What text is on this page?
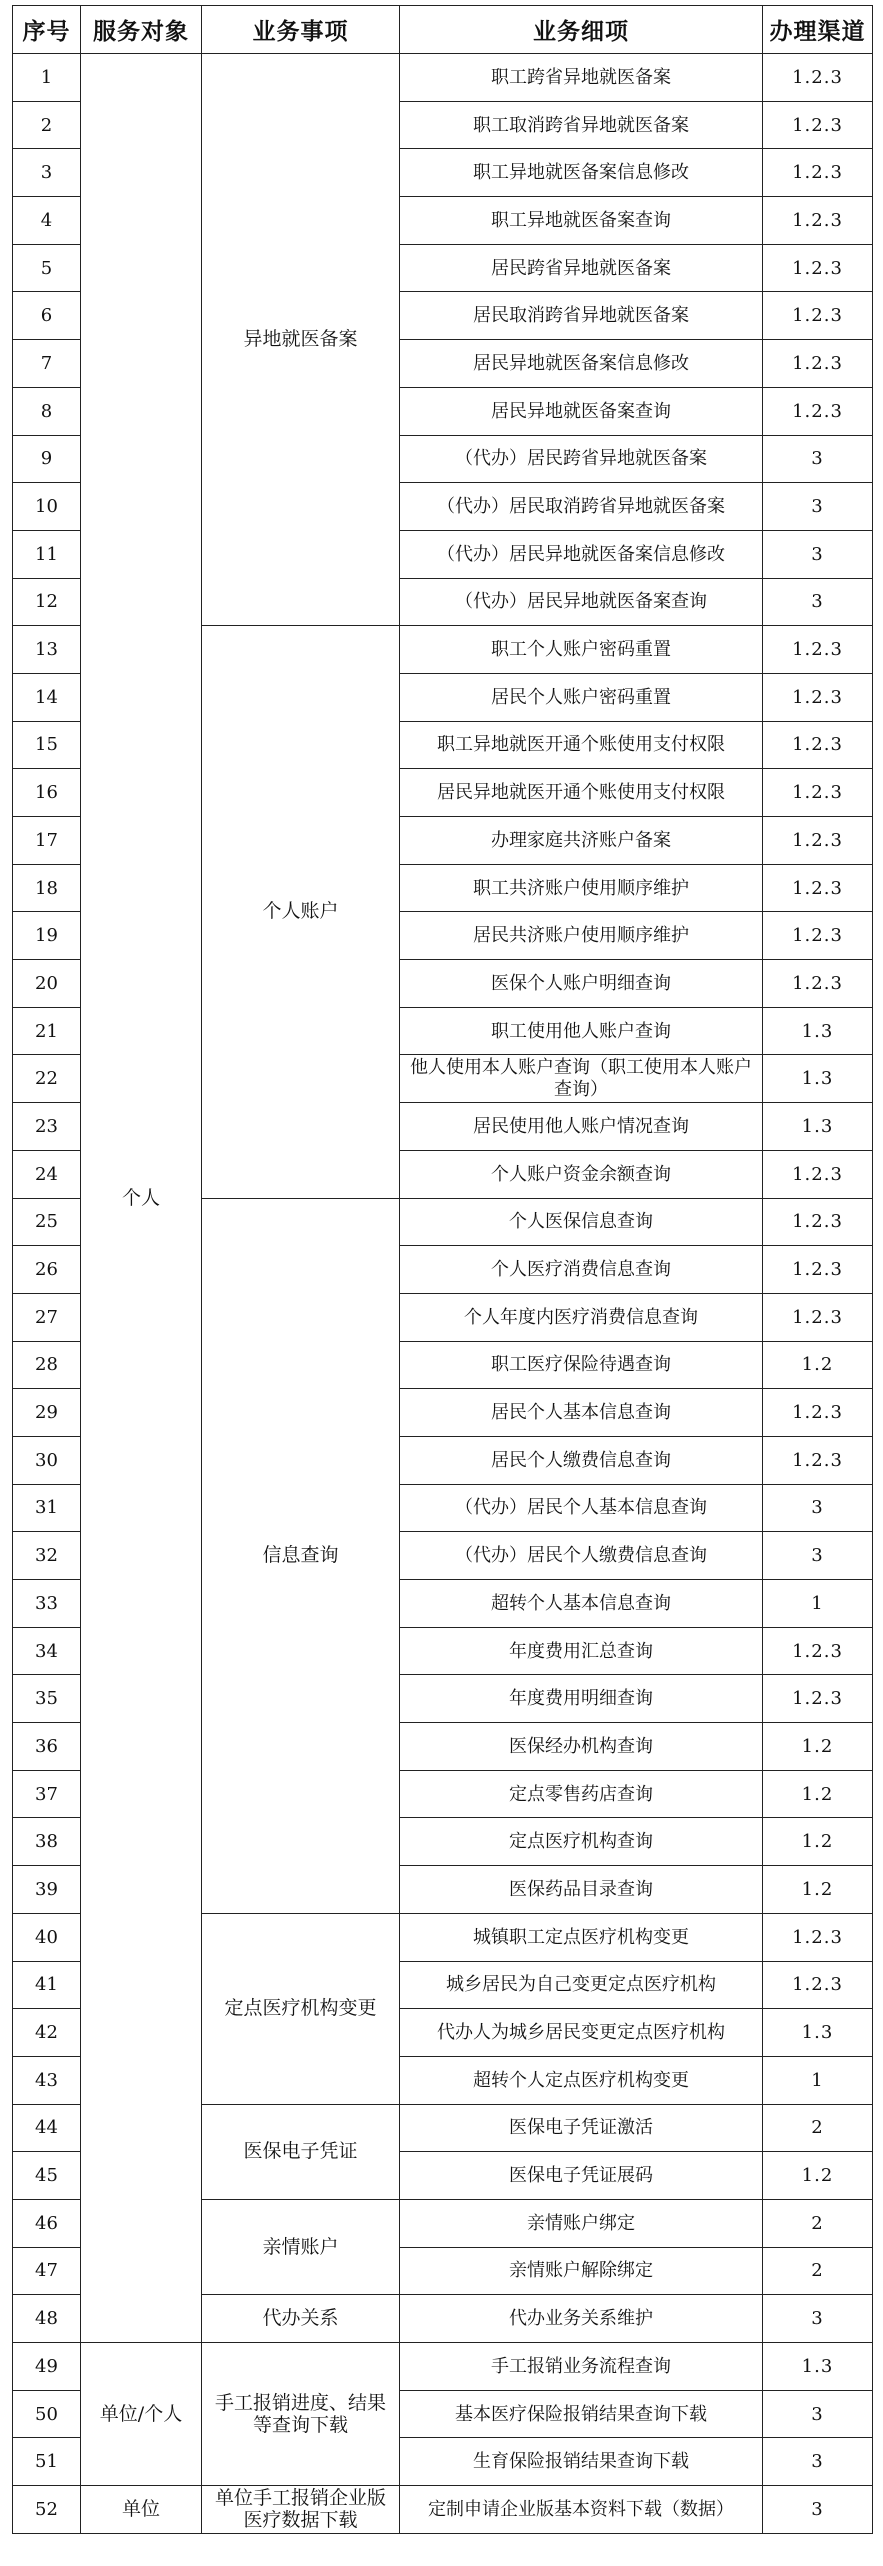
序号	服务对象	业务事项	业务细项	办理渠道
1	个人	异地就医备案	职工跨省异地就医备案	1.2.3
2			职工取消跨省异地就医备案	1.2.3
3			职工异地就医备案信息修改	1.2.3
4			职工异地就医备案查询	1.2.3
5			居民跨省异地就医备案	1.2.3
6			居民取消跨省异地就医备案	1.2.3
7			居民异地就医备案信息修改	1.2.3
8			居民异地就医备案查询	1.2.3
9			（代办）居民跨省异地就医备案	3
10			（代办）居民取消跨省异地就医备案	3
11			（代办）居民异地就医备案信息修改	3
12			（代办）居民异地就医备案查询	3
13		个人账户	职工个人账户密码重置	1.2.3
14			居民个人账户密码重置	1.2.3
15			职工异地就医开通个账使用支付权限	1.2.3
16			居民异地就医开通个账使用支付权限	1.2.3
17			办理家庭共济账户备案	1.2.3
18			职工共济账户使用顺序维护	1.2.3
19			居民共济账户使用顺序维护	1.2.3
20			医保个人账户明细查询	1.2.3
21			职工使用他人账户查询	1.3
22			他人使用本人账户查询（职工使用本人账户查询）	1.3
23			居民使用他人账户情况查询	1.3
24			个人账户资金余额查询	1.2.3
25		信息查询	个人医保信息查询	1.2.3
26			个人医疗消费信息查询	1.2.3
27			个人年度内医疗消费信息查询	1.2.3
28			职工医疗保险待遇查询	1.2
29			居民个人基本信息查询	1.2.3
30			居民个人缴费信息查询	1.2.3
31			（代办）居民个人基本信息查询	3
32			（代办）居民个人缴费信息查询	3
33			超转个人基本信息查询	1
34			年度费用汇总查询	1.2.3
35			年度费用明细查询	1.2.3
36			医保经办机构查询	1.2
37			定点零售药店查询	1.2
38			定点医疗机构查询	1.2
39			医保药品目录查询	1.2
40		定点医疗机构变更	城镇职工定点医疗机构变更	1.2.3
41			城乡居民为自己变更定点医疗机构	1.2.3
42			代办人为城乡居民变更定点医疗机构	1.3
43			超转个人定点医疗机构变更	1
44		医保电子凭证	医保电子凭证激活	2
45			医保电子凭证展码	1.2
46		亲情账户	亲情账户绑定	2
47			亲情账户解除绑定	2
48		代办关系	代办业务关系维护	3
49	单位/个人	手工报销进度、结果等查询下载	手工报销业务流程查询	1.3
50			基本医疗保险报销结果查询下载	3
51			生育保险报销结果查询下载	3
52	单位	单位手工报销企业版医疗数据下载	定制申请企业版基本资料下载（数据）	3
